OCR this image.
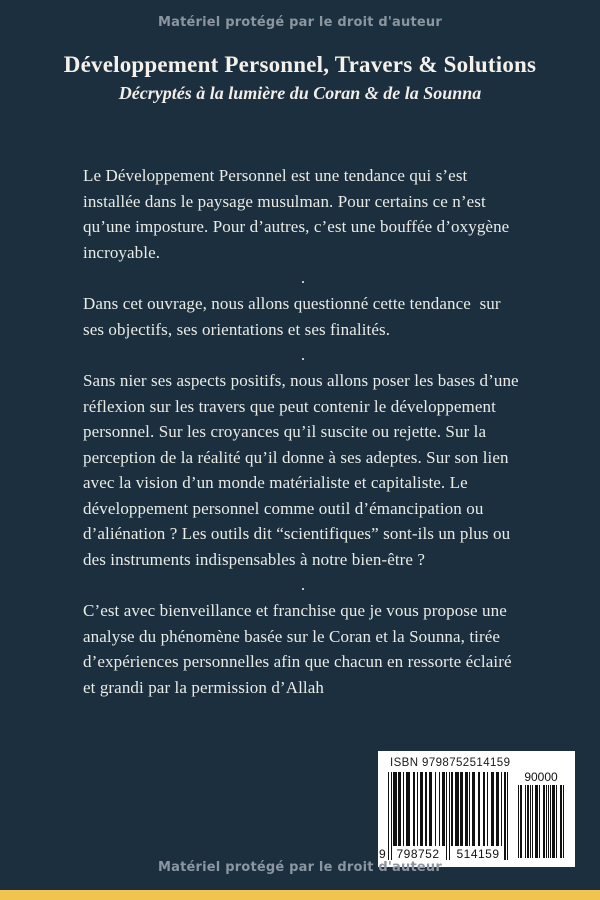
Matériel protégé par le droit d'auteur
Développement Personnel, Travers & Solutions
Décryptés à la lumière du Coran & de la Sounna

Le Développement Personnel est une tendance qui s’est installée dans le paysage musulman. Pour certains ce n’est qu’une imposture. Pour d’autres, c’est une bouffée d’oxygène incroyable.

.

Dans cet ouvrage, nous allons questionné cette tendance  sur ses objectifs, ses orientations et ses finalités.

.

Sans nier ses aspects positifs, nous allons poser les bases d’une réflexion sur les travers que peut contenir le développement personnel. Sur les croyances qu’il suscite ou rejette. Sur la perception de la réalité qu’il donne à ses adeptes. Sur son lien avec la vision d’un monde matérialiste et capitaliste. Le développement personnel comme outil d’émancipation ou d’aliénation ? Les outils dit “scientifiques” sont-ils un plus ou des instruments indispensables à notre bien-être ?

.

C’est avec bienveillance et franchise que je vous propose une analyse du phénomène basée sur le Coran et la Sounna, tirée d’expériences personnelles afin que chacun en ressorte éclairé et grandi par la permission d’Allah

ISBN 9798752514159
9 798752	514159
90000
Matériel protégé par le droit d'auteur
